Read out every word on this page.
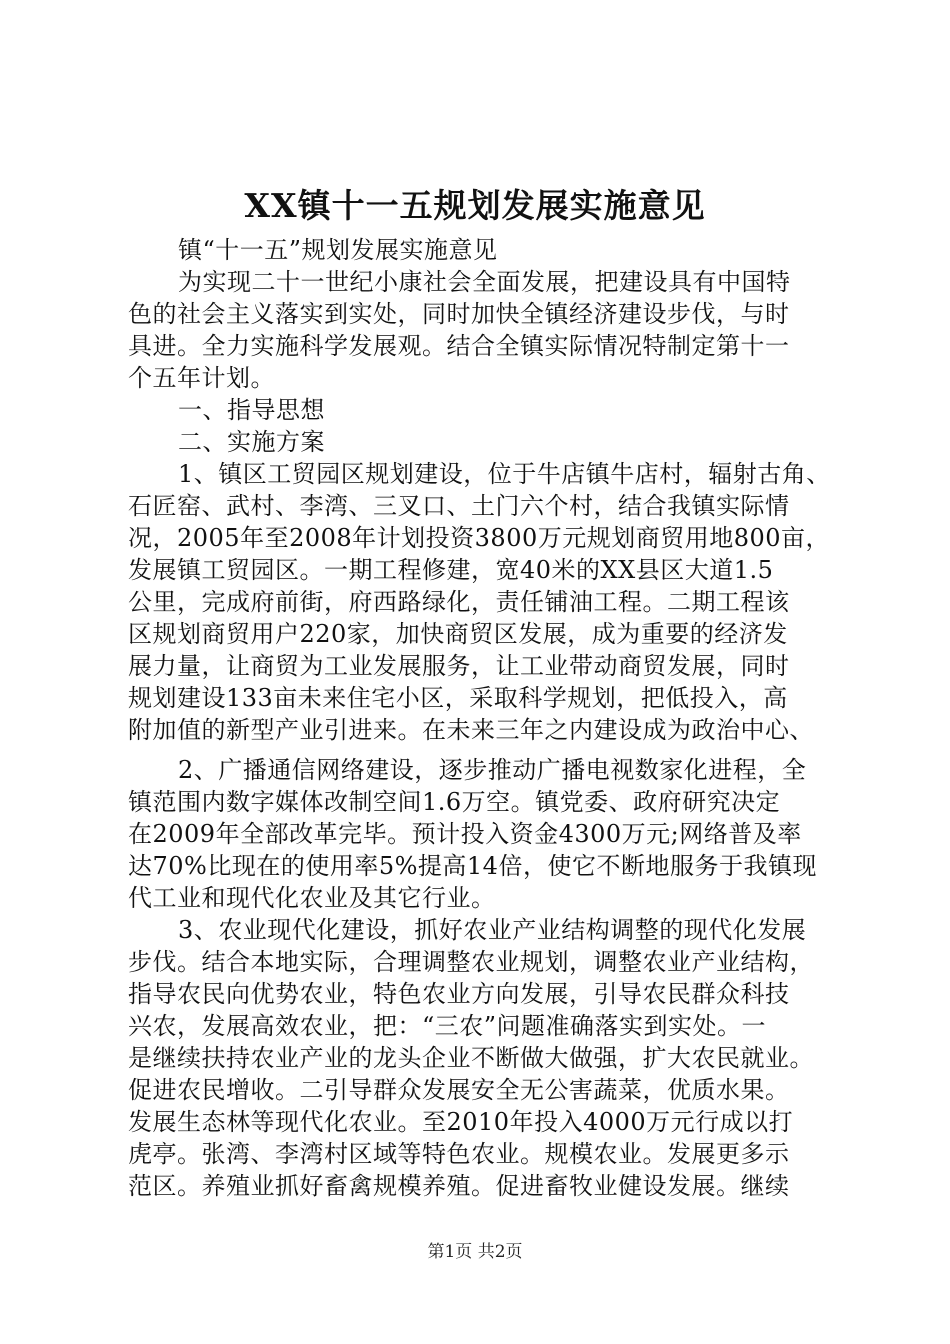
XX镇十一五规划发展实施意见
镇“十一五”规划发展实施意见
为实现二十一世纪小康社会全面发展，把建设具有中国特
色的社会主义落实到实处，同时加快全镇经济建设步伐，与时
具进。全力实施科学发展观。结合全镇实际情况特制定第十一
个五年计划。
一、指导思想
二、实施方案
1、镇区工贸园区规划建设，位于牛店镇牛店村，辐射古角、
石匠窑、武村、李湾、三叉口、土门六个村，结合我镇实际情
况，2005年至2008年计划投资3800万元规划商贸用地800亩，
发展镇工贸园区。一期工程修建，宽40米的XX县区大道1.5
公里，完成府前街，府西路绿化，责任铺油工程。二期工程该
区规划商贸用户220家，加快商贸区发展，成为重要的经济发
展力量，让商贸为工业发展服务，让工业带动商贸发展，同时
规划建设133亩未来住宅小区，采取科学规划，把低投入，高
附加值的新型产业引进来。在未来三年之内建设成为政治中心、
2、广播通信网络建设，逐步推动广播电视数家化进程，全
镇范围内数字媒体改制空间1.6万空。镇党委、政府研究决定
在2009年全部改革完毕。预计投入资金4300万元;网络普及率
达70%比现在的使用率5%提高14倍，使它不断地服务于我镇现
代工业和现代化农业及其它行业。
3、农业现代化建设，抓好农业产业结构调整的现代化发展
步伐。结合本地实际，合理调整农业规划，调整农业产业结构，
指导农民向优势农业，特色农业方向发展，引导农民群众科技
兴农，发展高效农业，把：“三农”问题准确落实到实处。一
是继续扶持农业产业的龙头企业不断做大做强，扩大农民就业。
促进农民增收。二引导群众发展安全无公害蔬菜，优质水果。
发展生态林等现代化农业。至2010年投入4000万元行成以打
虎亭。张湾、李湾村区域等特色农业。规模农业。发展更多示
范区。养殖业抓好畜禽规模养殖。促进畜牧业健设发展。继续
第1页 共2页
